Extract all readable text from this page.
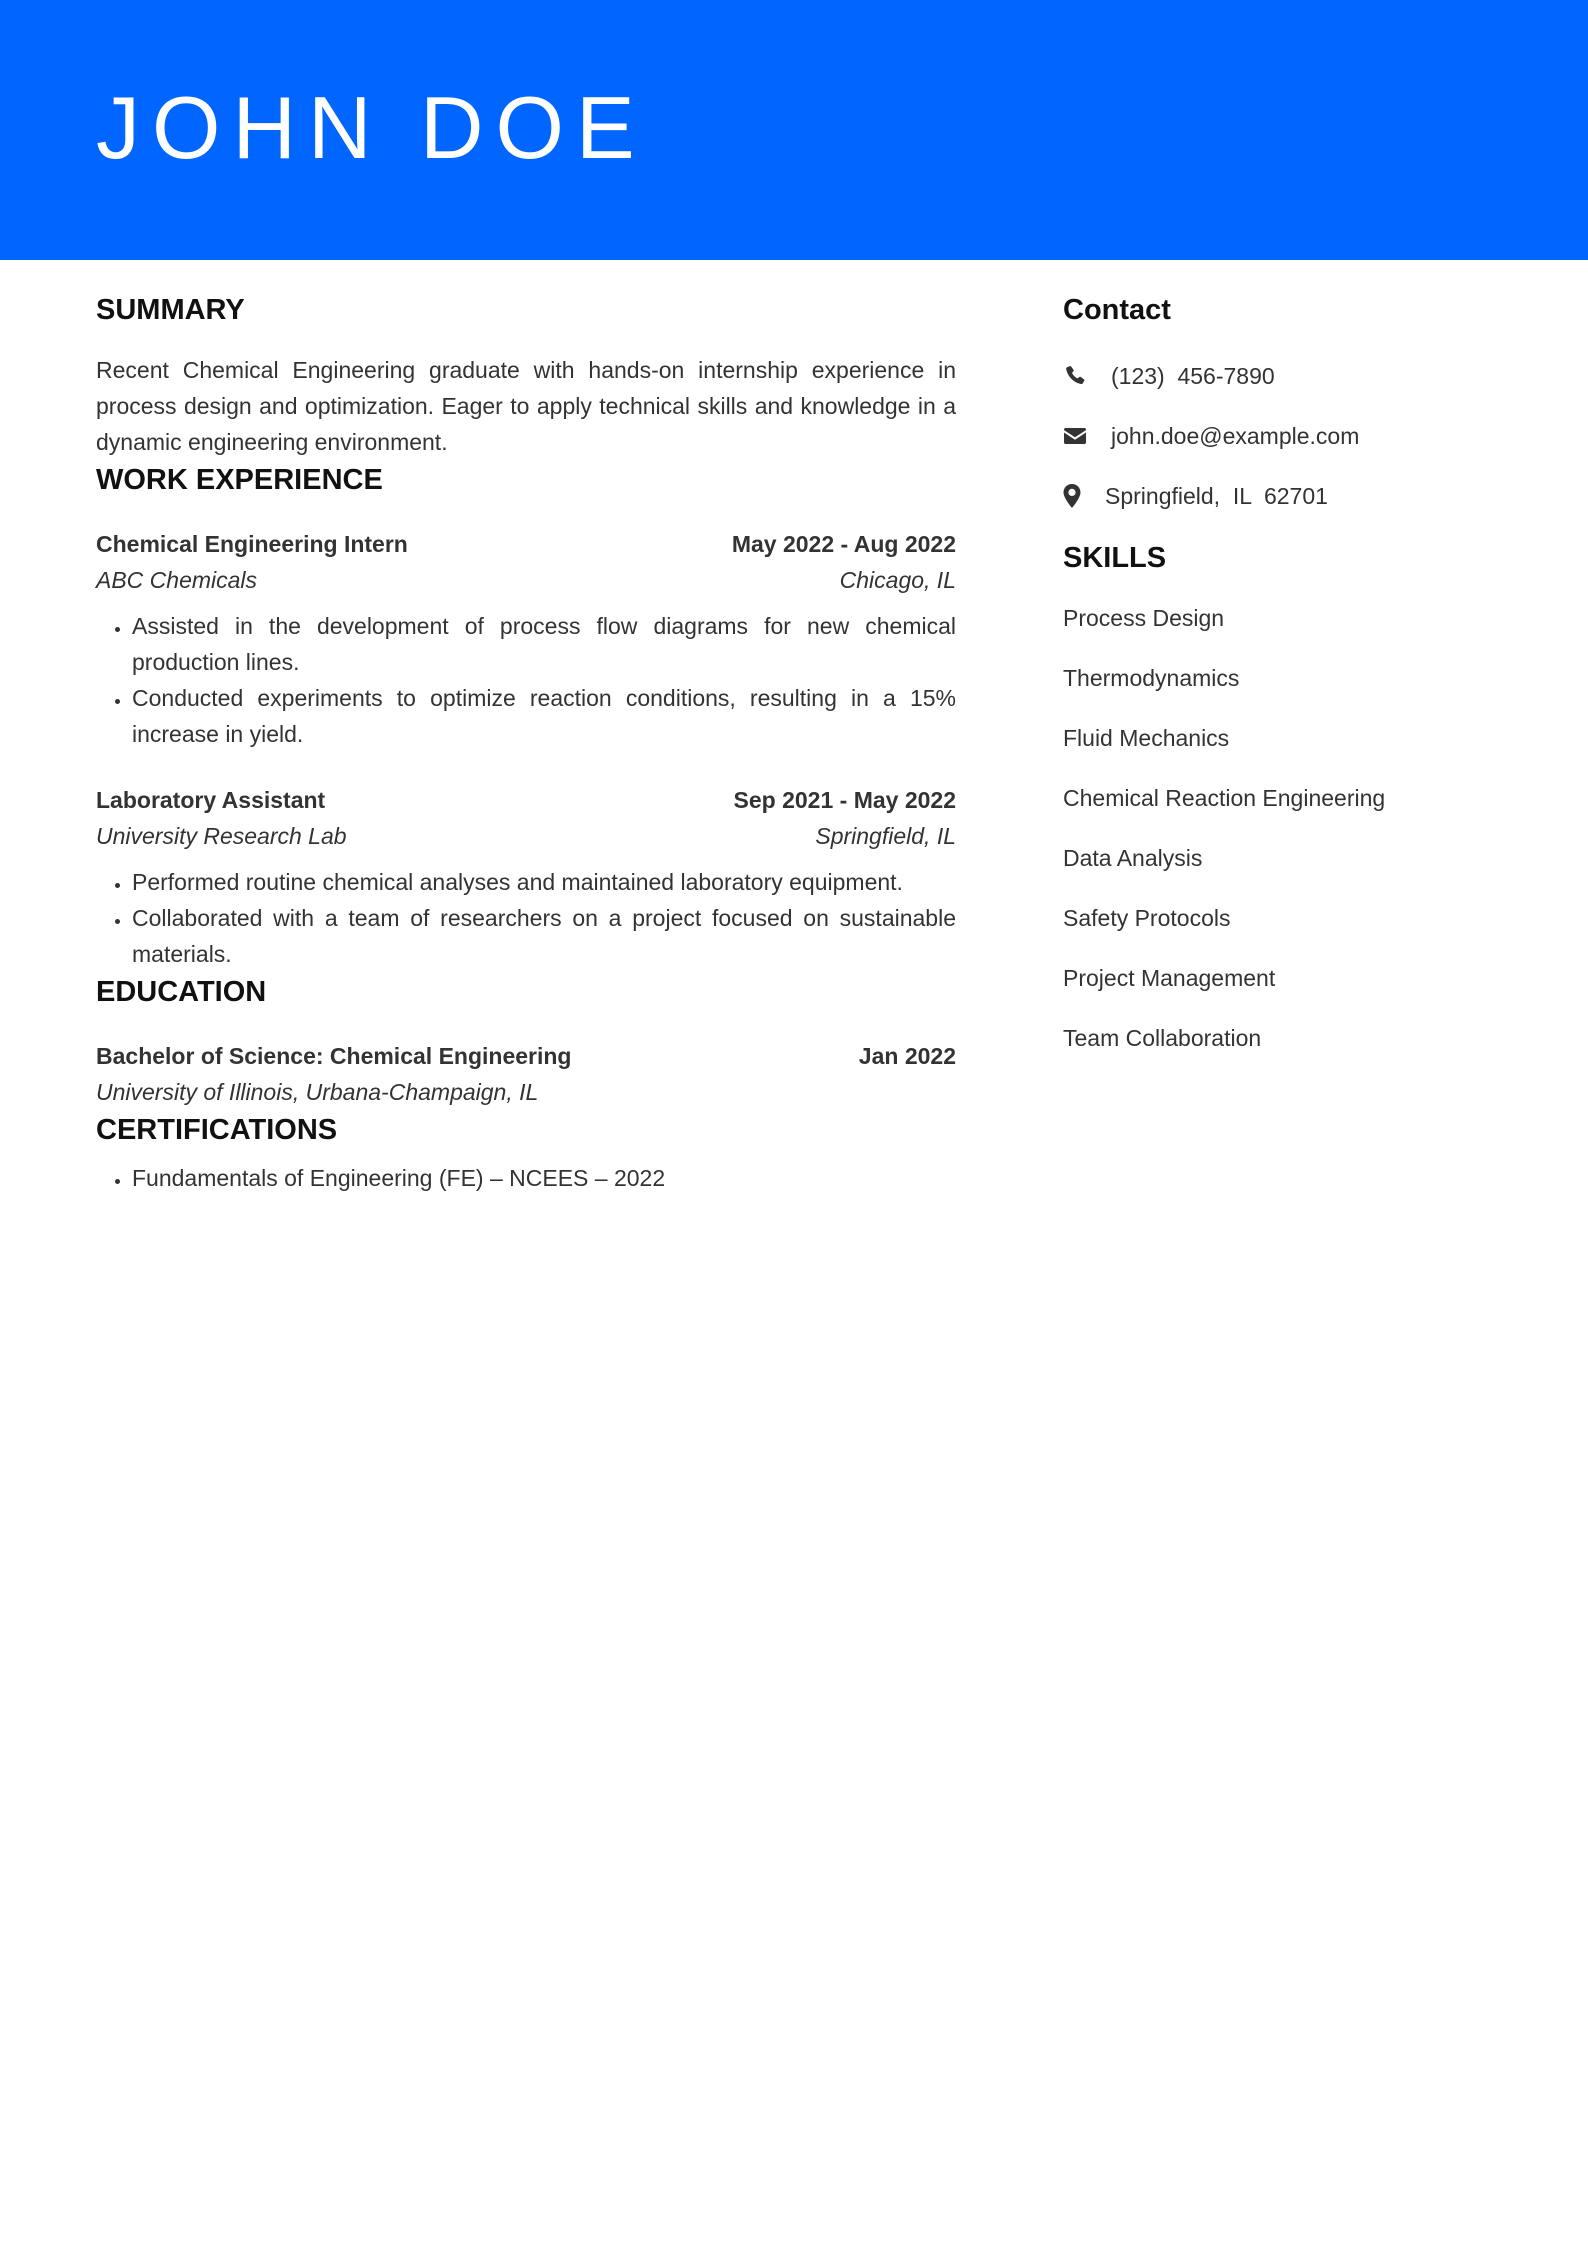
JOHN DOE
SUMMARY

Recent Chemical Engineering graduate with hands-on internship experience in process design and optimization. Eager to apply technical skills and knowledge in a dynamic engineering environment.

WORK EXPERIENCE
Chemical Engineering Intern	May 2022 - Aug 2022
ABC Chemicals	Chicago, IL
• Assisted in the development of process flow diagrams for new chemical production lines.
• Conducted experiments to optimize reaction conditions, resulting in a 15% increase in yield.
Laboratory Assistant	Sep 2021 - May 2022
University Research Lab	Springfield, IL
• Performed routine chemical analyses and maintained laboratory equipment.
• Collaborated with a team of researchers on a project focused on sustainable materials.
EDUCATION
Bachelor of Science: Chemical Engineering	Jan 2022
University of Illinois, Urbana-Champaign, IL
CERTIFICATIONS
• Fundamentals of Engineering (FE) – NCEES – 2022
Contact
(123)  456-7890
john.doe@example.com
Springfield,  IL  62701
SKILLS
Process Design
Thermodynamics
Fluid Mechanics
Chemical Reaction Engineering
Data Analysis
Safety Protocols
Project Management
Team Collaboration
